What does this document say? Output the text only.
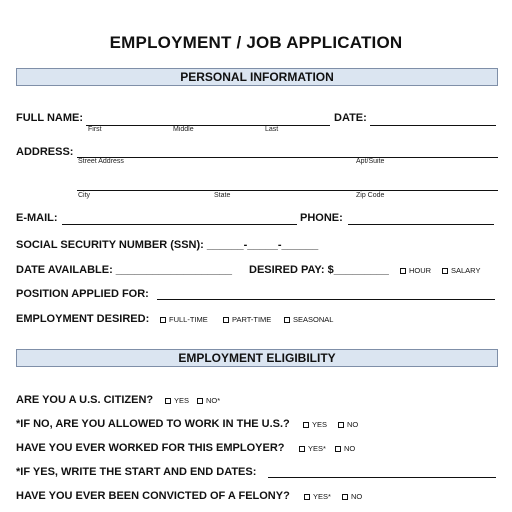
EMPLOYMENT / JOB APPLICATION
PERSONAL INFORMATION
FULL NAME:
First	Middle	Last
DATE:
ADDRESS:
Street Address	Apt/Suite
City	State	Zip Code
E-MAIL:	PHONE:
SOCIAL SECURITY NUMBER (SSN): ______-_____-______
DATE AVAILABLE: ___________________ DESIRED PAY: $_________	HOUR	SALARY
POSITION APPLIED FOR:
EMPLOYMENT DESIRED:	FULL-TIME	PART-TIME	SEASONAL
EMPLOYMENT ELIGIBILITY
ARE YOU A U.S. CITIZEN?	YES NO*
*IF NO, ARE YOU ALLOWED TO WORK IN THE U.S.?	YES	NO
HAVE YOU EVER WORKED FOR THIS EMPLOYER?	YES* NO
*IF YES, WRITE THE START AND END DATES:
HAVE YOU EVER BEEN CONVICTED OF A FELONY?	YES*	NO
